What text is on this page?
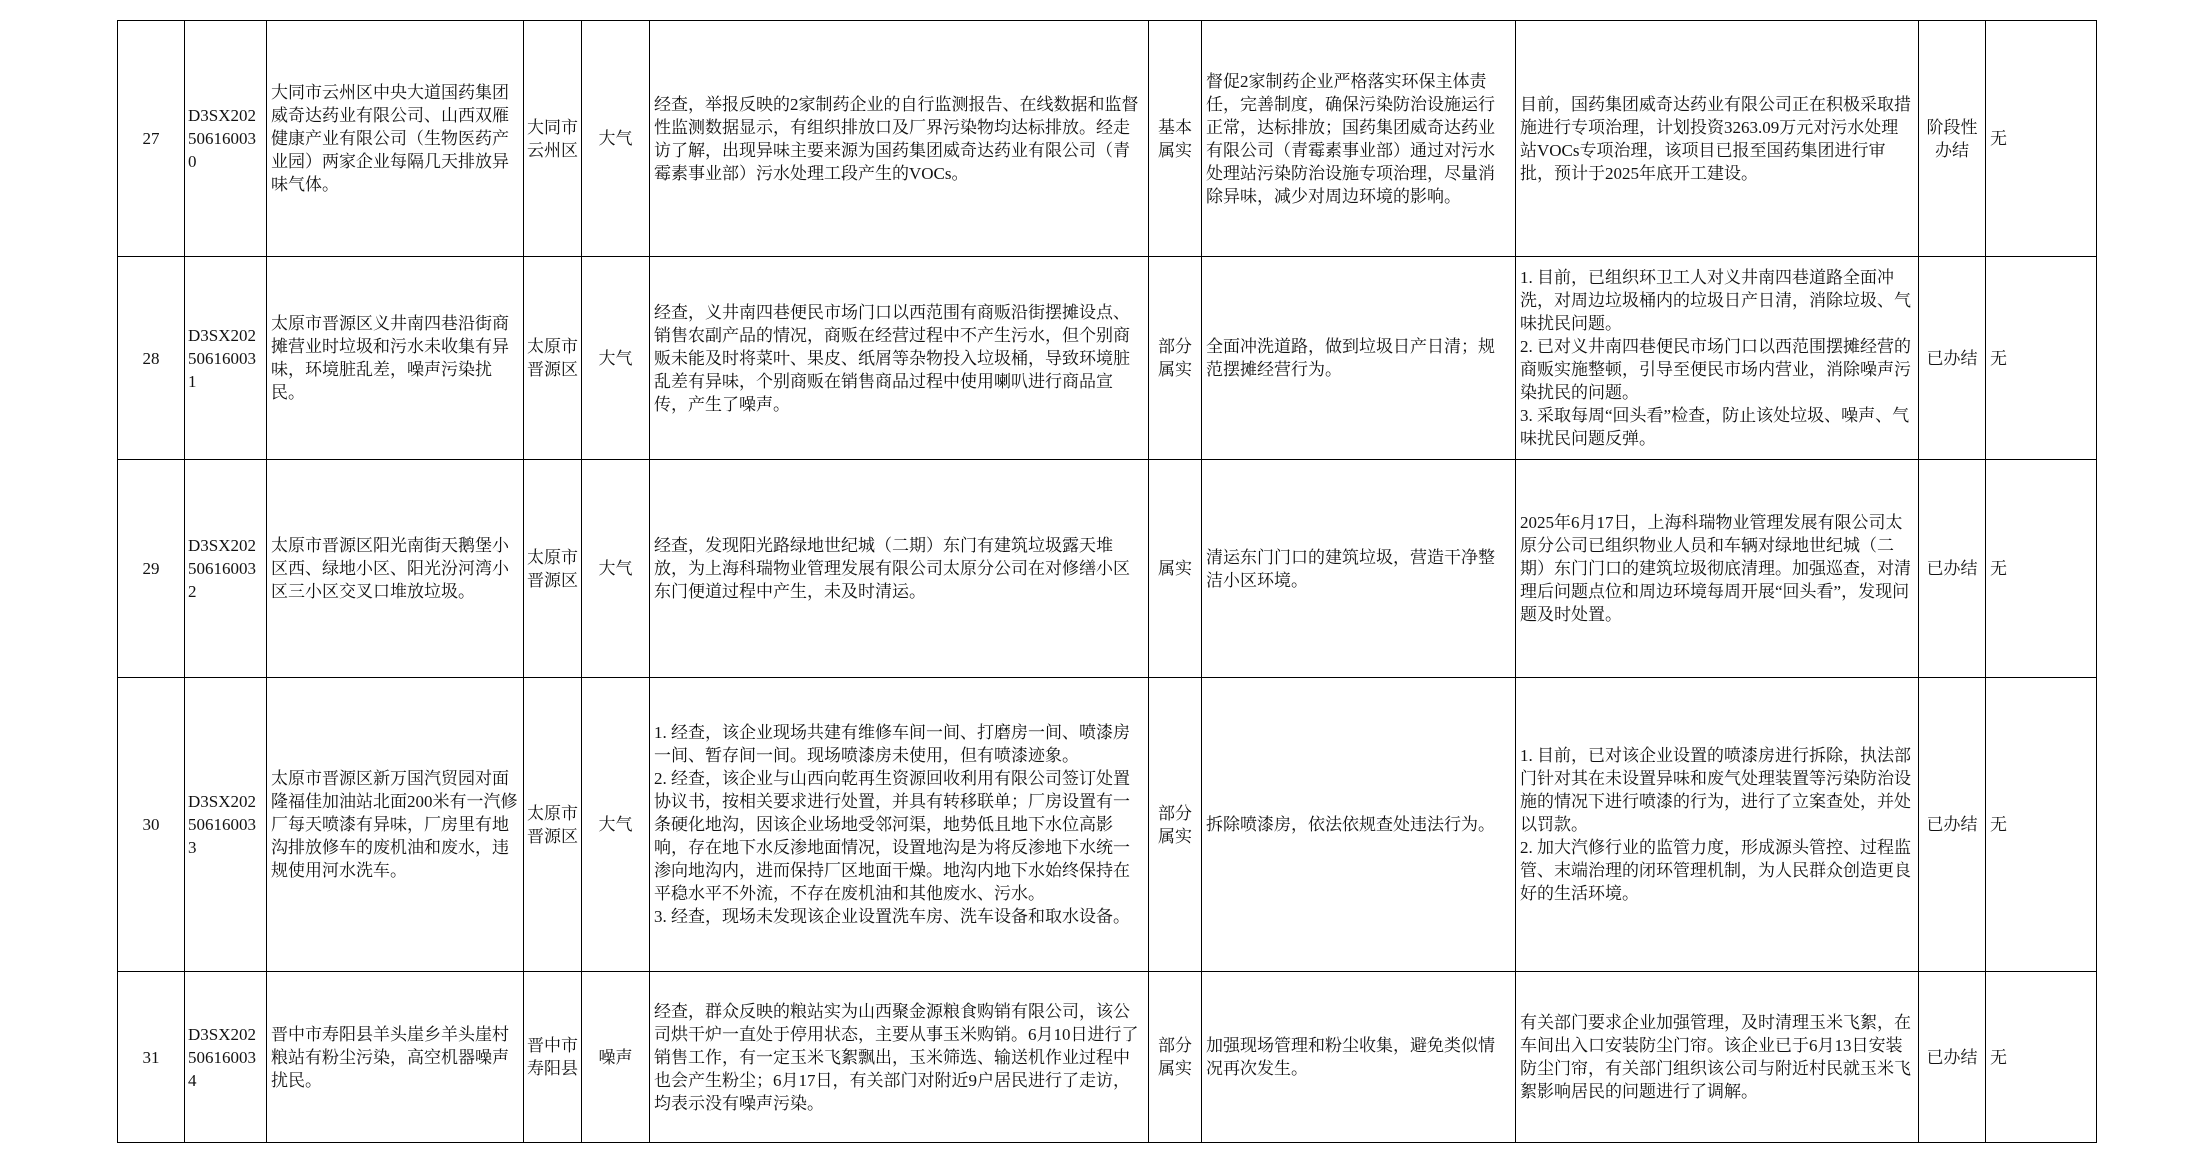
27	D3SX202506160030	大同市云州区中央大道国药集团威奇达药业有限公司、山西双雁健康产业有限公司（生物医药产业园）两家企业每隔几天排放异味气体。	大同市云州区	大气	经查，举报反映的2家制药企业的自行监测报告、在线数据和监督性监测数据显示，有组织排放口及厂界污染物均达标排放。经走访了解，出现异味主要来源为国药集团威奇达药业有限公司（青霉素事业部）污水处理工段产生的VOCs。	基本属实	督促2家制药企业严格落实环保主体责任，完善制度，确保污染防治设施运行正常，达标排放；国药集团威奇达药业有限公司（青霉素事业部）通过对污水处理站污染防治设施专项治理，尽量消除异味，减少对周边环境的影响。	目前，国药集团威奇达药业有限公司正在积极采取措施进行专项治理，计划投资3263.09万元对污水处理站VOCs专项治理，该项目已报至国药集团进行审批，预计于2025年底开工建设。	阶段性办结	无
28	D3SX202506160031	太原市晋源区义井南四巷沿街商摊营业时垃圾和污水未收集有异味，环境脏乱差，噪声污染扰民。	太原市晋源区	大气	经查，义井南四巷便民市场门口以西范围有商贩沿街摆摊设点、销售农副产品的情况，商贩在经营过程中不产生污水，但个别商贩未能及时将菜叶、果皮、纸屑等杂物投入垃圾桶，导致环境脏乱差有异味，个别商贩在销售商品过程中使用喇叭进行商品宣传，产生了噪声。	部分属实	全面冲洗道路，做到垃圾日产日清；规范摆摊经营行为。	1. 目前，已组织环卫工人对义井南四巷道路全面冲洗，对周边垃圾桶内的垃圾日产日清，消除垃圾、气味扰民问题。
2. 已对义井南四巷便民市场门口以西范围摆摊经营的商贩实施整顿，引导至便民市场内营业，消除噪声污染扰民的问题。
3. 采取每周“回头看”检查，防止该处垃圾、噪声、气味扰民问题反弹。	已办结	无
29	D3SX202506160032	太原市晋源区阳光南街天鹅堡小区西、绿地小区、阳光汾河湾小区三小区交叉口堆放垃圾。	太原市晋源区	大气	经查，发现阳光路绿地世纪城（二期）东门有建筑垃圾露天堆放，为上海科瑞物业管理发展有限公司太原分公司在对修缮小区东门便道过程中产生，未及时清运。	属实	清运东门门口的建筑垃圾，营造干净整洁小区环境。	2025年6月17日，上海科瑞物业管理发展有限公司太原分公司已组织物业人员和车辆对绿地世纪城（二期）东门门口的建筑垃圾彻底清理。加强巡查，对清理后问题点位和周边环境每周开展“回头看”，发现问题及时处置。	已办结	无
30	D3SX202506160033	太原市晋源区新万国汽贸园对面隆福佳加油站北面200米有一汽修厂每天喷漆有异味，厂房里有地沟排放修车的废机油和废水，违规使用河水洗车。	太原市晋源区	大气	1. 经查，该企业现场共建有维修车间一间、打磨房一间、喷漆房一间、暂存间一间。现场喷漆房未使用，但有喷漆迹象。
2. 经查，该企业与山西向乾再生资源回收利用有限公司签订处置协议书，按相关要求进行处置，并具有转移联单；厂房设置有一条硬化地沟，因该企业场地受邻河渠，地势低且地下水位高影响，存在地下水反渗地面情况，设置地沟是为将反渗地下水统一渗向地沟内，进而保持厂区地面干燥。地沟内地下水始终保持在平稳水平不外流，不存在废机油和其他废水、污水。
3. 经查，现场未发现该企业设置洗车房、洗车设备和取水设备。	部分属实	拆除喷漆房，依法依规查处违法行为。	1. 目前，已对该企业设置的喷漆房进行拆除，执法部门针对其在未设置异味和废气处理装置等污染防治设施的情况下进行喷漆的行为，进行了立案查处，并处以罚款。
2. 加大汽修行业的监管力度，形成源头管控、过程监管、末端治理的闭环管理机制，为人民群众创造更良好的生活环境。	已办结	无
31	D3SX202506160034	晋中市寿阳县羊头崖乡羊头崖村粮站有粉尘污染，高空机器噪声扰民。	晋中市寿阳县	噪声	经查，群众反映的粮站实为山西聚金源粮食购销有限公司，该公司烘干炉一直处于停用状态，主要从事玉米购销。6月10日进行了销售工作，有一定玉米飞絮飘出，玉米筛选、输送机作业过程中也会产生粉尘；6月17日，有关部门对附近9户居民进行了走访，均表示没有噪声污染。	部分属实	加强现场管理和粉尘收集，避免类似情况再次发生。	有关部门要求企业加强管理，及时清理玉米飞絮，在车间出入口安装防尘门帘。该企业已于6月13日安装防尘门帘，有关部门组织该公司与附近村民就玉米飞絮影响居民的问题进行了调解。	已办结	无
